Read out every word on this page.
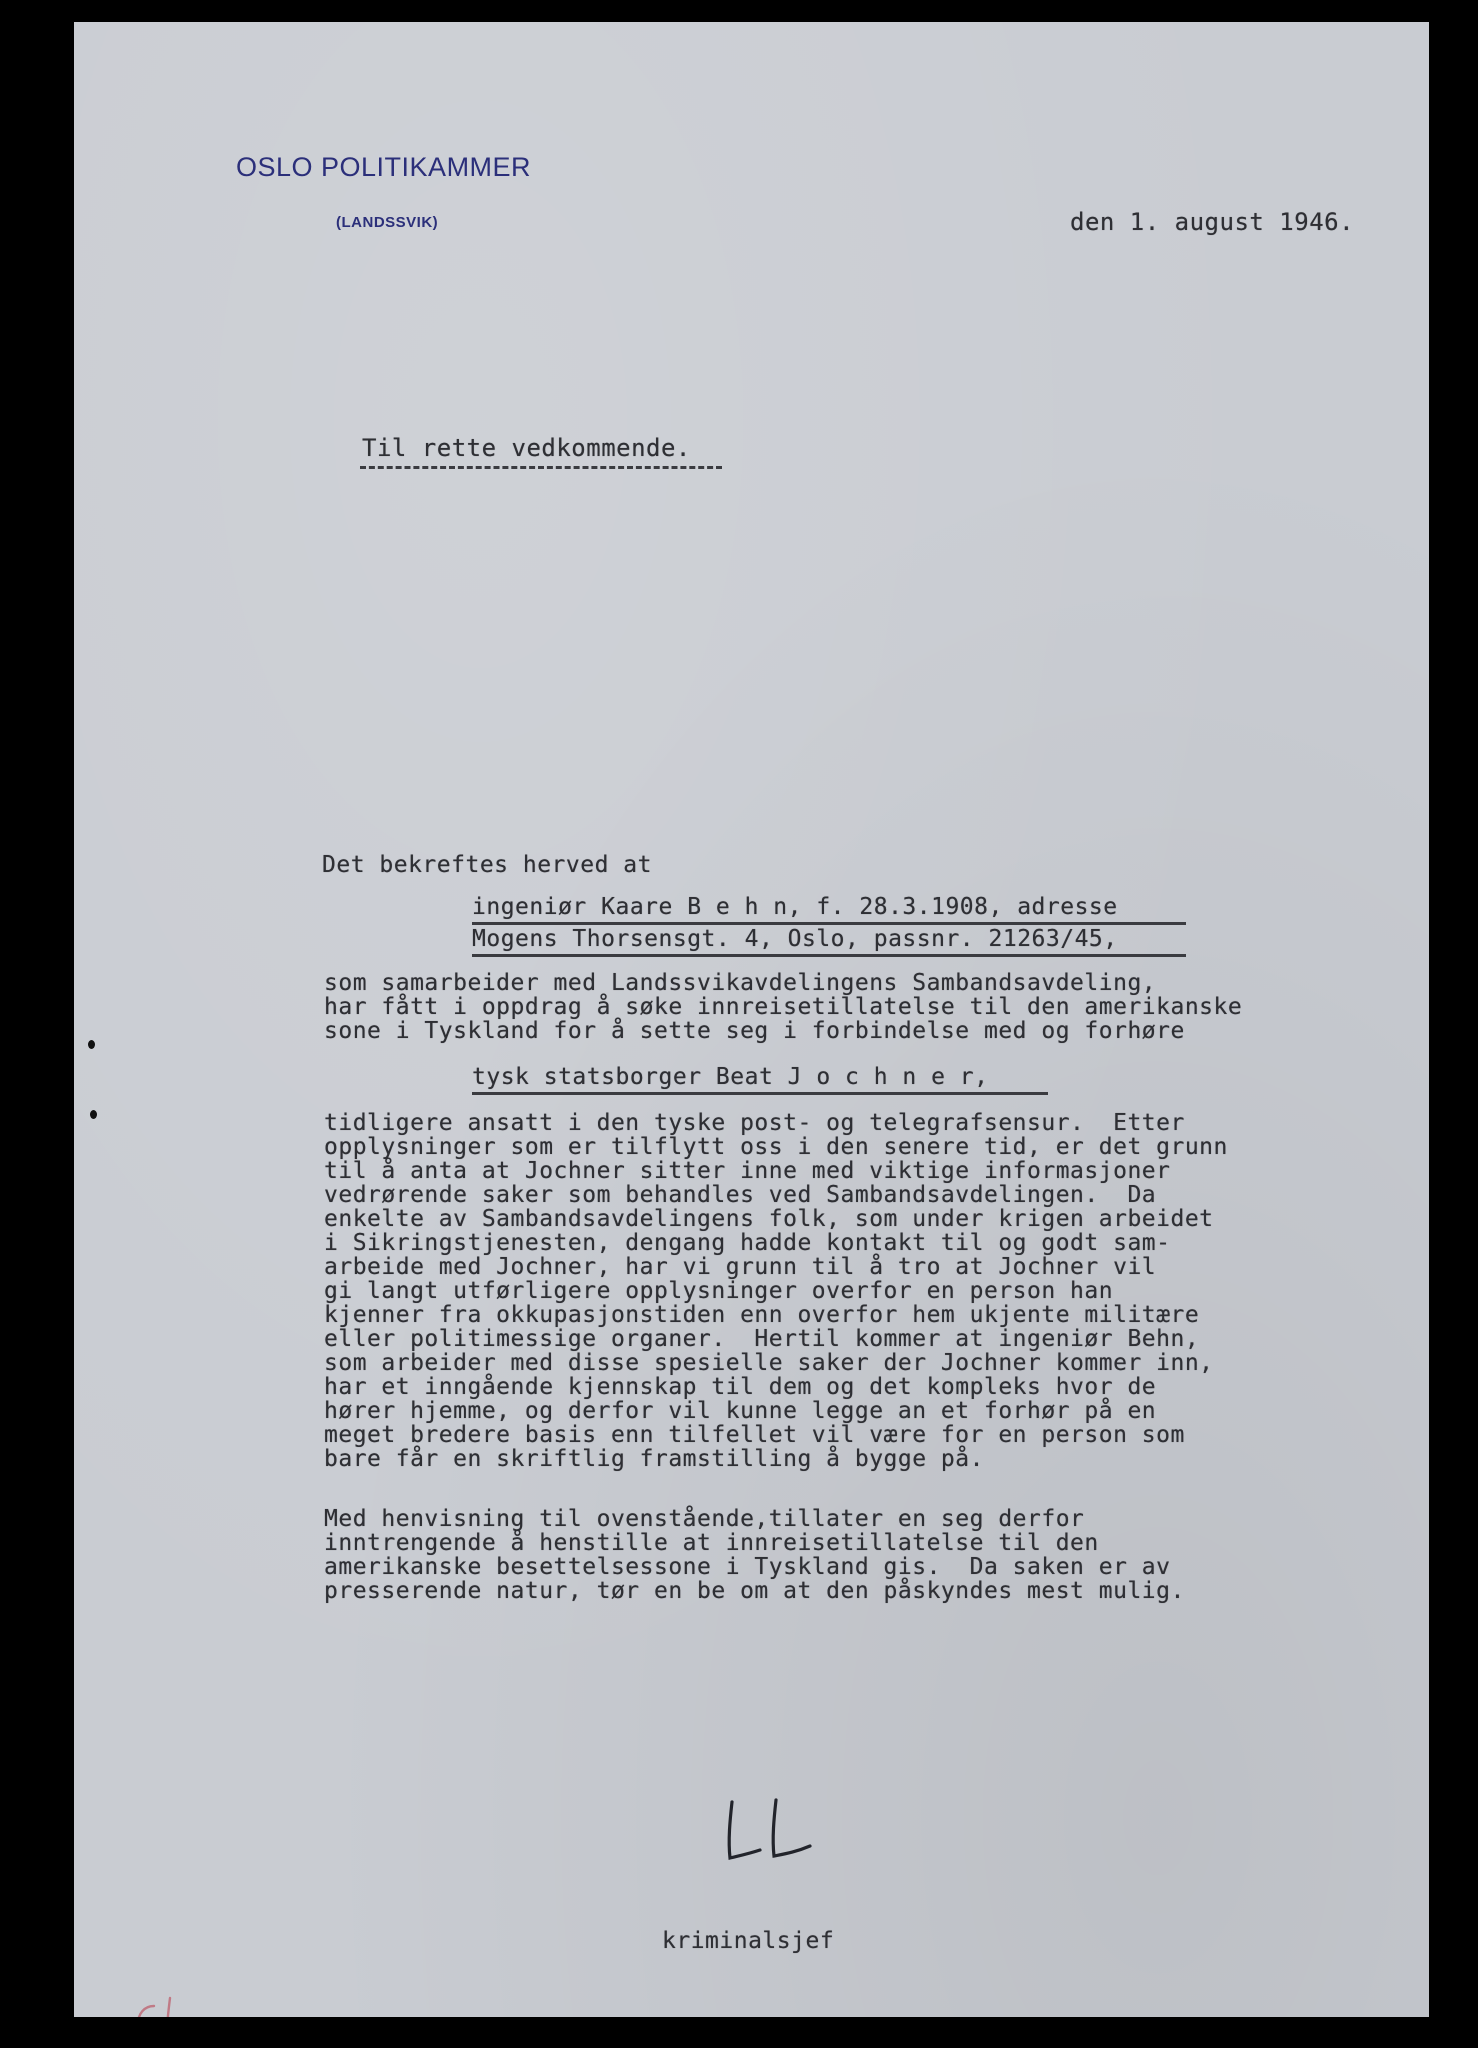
OSLO POLITIKAMMER
(LANDSSVIK)	den 1. august 1946.
Til rette vedkommende.
Det bekreftes herved at
ingeniør Kaare B e h n, f. 28.3.1908, adresse
Mogens Thorsensgt. 4, Oslo, passnr. 21263/45,
som samarbeider med Landssvikavdelingens Sambandsavdeling,
har fått i oppdrag å søke innreisetillatelse til den amerikanske
sone i Tyskland for å sette seg i forbindelse med og forhøre
tysk statsborger Beat J o c h n e r,
tidligere ansatt i den tyske post- og telegrafsensur.  Etter
opplysninger som er tilflytt oss i den senere tid, er det grunn
til å anta at Jochner sitter inne med viktige informasjoner
vedrørende saker som behandles ved Sambandsavdelingen.  Da
enkelte av Sambandsavdelingens folk, som under krigen arbeidet
i Sikringstjenesten, dengang hadde kontakt til og godt sam-
arbeide med Jochner, har vi grunn til å tro at Jochner vil
gi langt utførligere opplysninger overfor en person han
kjenner fra okkupasjonstiden enn overfor hem ukjente militære
eller politimessige organer.  Hertil kommer at ingeniør Behn,
som arbeider med disse spesielle saker der Jochner kommer inn,
har et inngående kjennskap til dem og det kompleks hvor de
hører hjemme, og derfor vil kunne legge an et forhør på en
meget bredere basis enn tilfellet vil være for en person som
bare får en skriftlig framstilling å bygge på.
Med henvisning til ovenstående,tillater en seg derfor
inntrengende å henstille at innreisetillatelse til den
amerikanske besettelsessone i Tyskland gis.  Da saken er av
presserende natur, tør en be om at den påskyndes mest mulig.
kriminalsjef
